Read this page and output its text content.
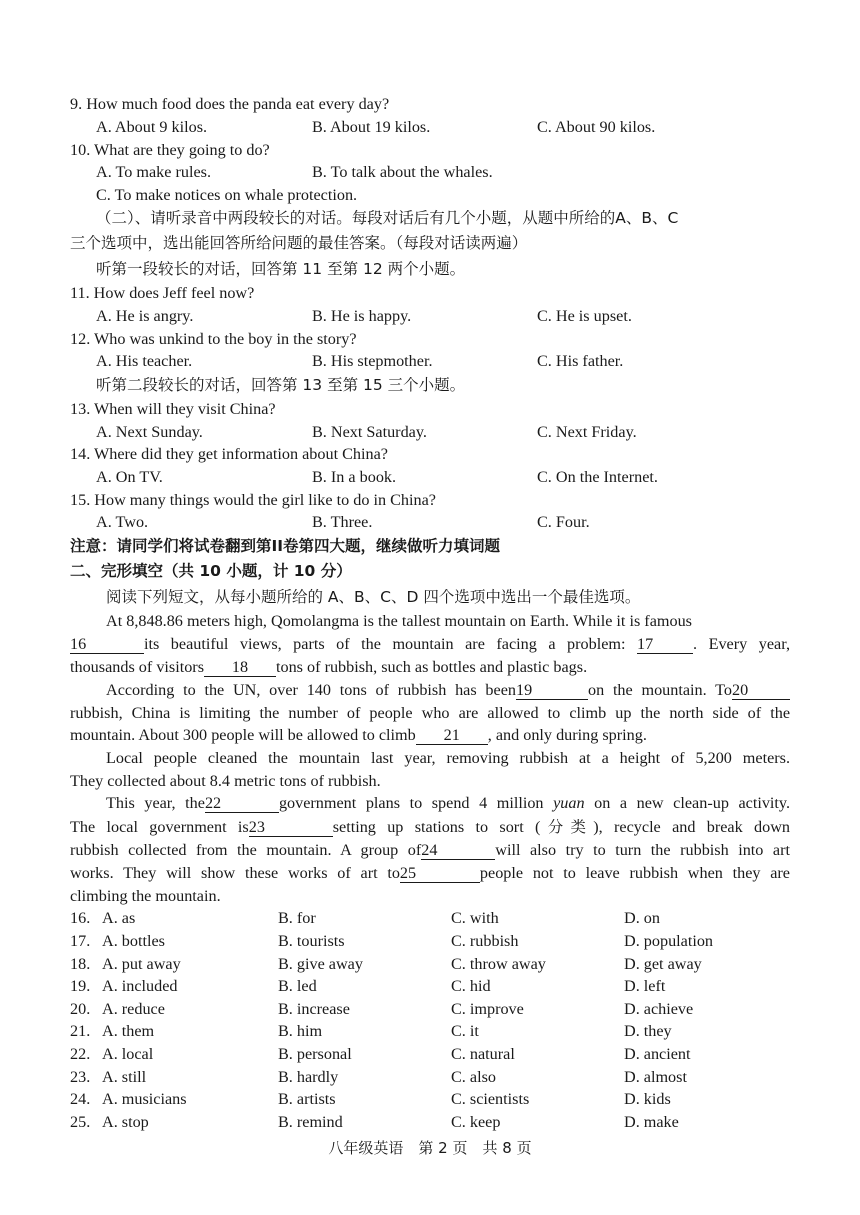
9. How much food does the panda eat every day?
A. About 9 kilos.	B. About 19 kilos.	C. About 90 kilos.
10. What are they going to do?
A. To make rules.	B. To talk about the whales.
C. To make notices on whale protection.
（二）、请听录音中两段较长的对话。每段对话后有几个小题，从题中所给的A、B、C
三个选项中，选出能回答所给问题的最佳答案。（每段对话读两遍）
听第一段较长的对话，回答第 11 至第 12 两个小题。
11. How does Jeff feel now?
A. He is angry.	B. He is happy.	C. He is upset.
12. Who was unkind to the boy in the story?
A. His teacher.	B. His stepmother.	C. His father.
听第二段较长的对话，回答第 13 至第 15 三个小题。
13. When will they visit China?
A. Next Sunday.	B. Next Saturday.	C. Next Friday.
14. Where did they get information about China?
A. On TV.	B. In a book.	C. On the Internet.
15. How many things would the girl like to do in China?
A. Two.	B. Three.	C. Four.
注意：请同学们将试卷翻到第II卷第四大题，继续做听力填词题
二、完形填空（共 10 小题，计 10 分）
阅读下列短文，从每小题所给的 A、B、C、D 四个选项中选出一个最佳选项。
At 8,848.86 meters high, Qomolangma is the tallest mountain on Earth. While it is famous
16	its beautiful views, parts of the mountain are facing a problem: 17 . Every year,
thousands of visitors 18 tons of rubbish, such as bottles and plastic bags.
According to the UN, over 140 tons of rubbish has been19	on the mountain. To20
rubbish, China is limiting the number of people who are allowed to climb up the north side of the
mountain. About 300 people will be allowed to climb 21 , and only during spring.
Local people cleaned the mountain last year, removing rubbish at a height of 5,200 meters.
They collected about 8.4 metric tons of rubbish.
This year, the22	government plans to spend 4 million yuan on a new clean-up activity.
The local government is23	setting up stations to sort (分类), recycle and break down
rubbish collected from the mountain. A group of24	will also try to turn the rubbish into art
works. They will show these works of art to25	people not to leave rubbish when they are
climbing the mountain.
16. A. as	B. for	C. with	D. on
17. A. bottles	B. tourists	C. rubbish	D. population
18. A. put away	B. give away	C. throw away	D. get away
19. A. included	B. led	C. hid	D. left
20. A. reduce	B. increase	C. improve	D. achieve
21. A. them	B. him	C. it	D. they
22. A. local	B. personal	C. natural	D. ancient
23. A. still	B. hardly	C. also	D. almost
24. A. musicians	B. artists	C. scientists	D. kids
25. A. stop	B. remind	C. keep	D. make
八年级英语　第 2 页　共 8 页
